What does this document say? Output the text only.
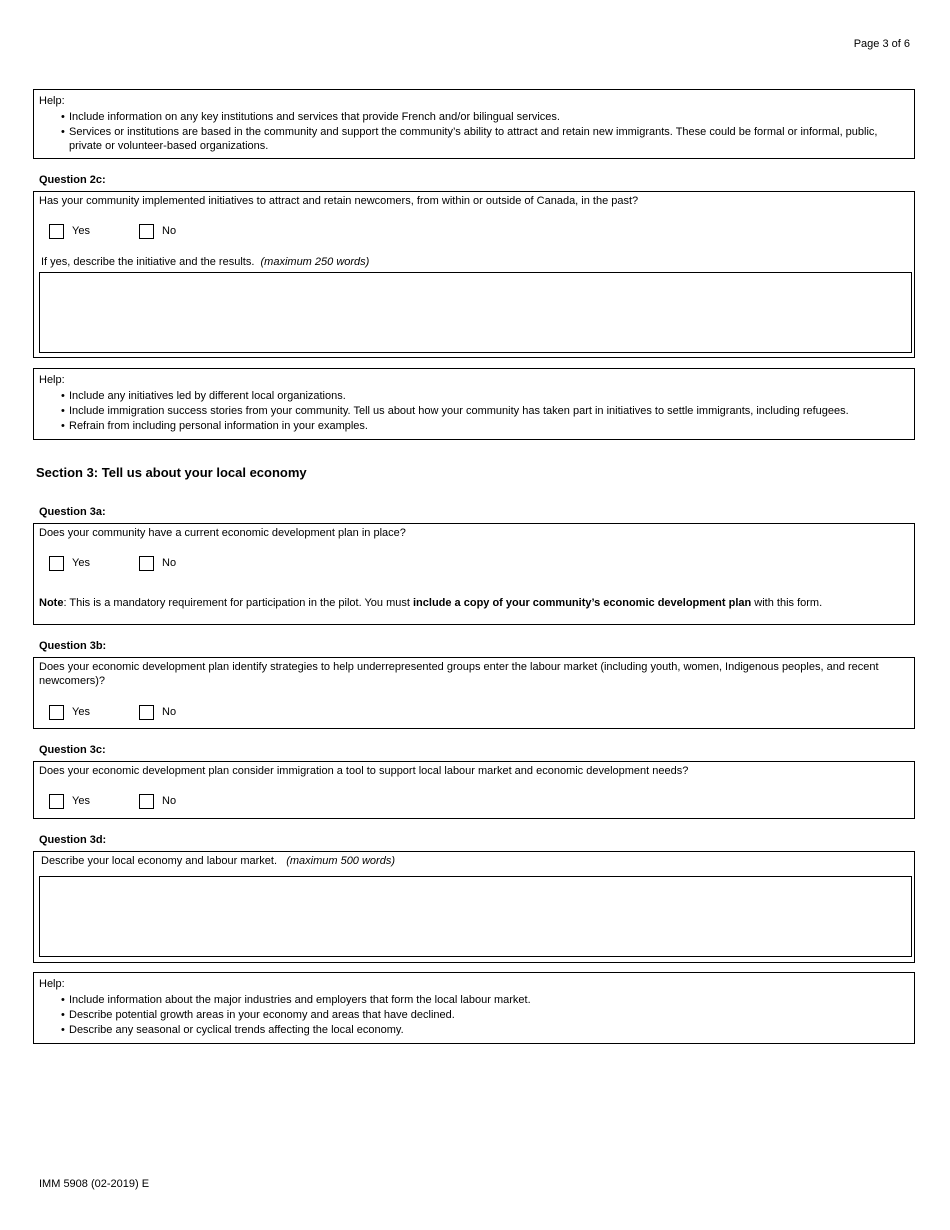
Page 3 of 6
Help:
• Include information on any key institutions and services that provide French and/or bilingual services.
• Services or institutions are based in the community and support the community’s ability to attract and retain new immigrants. These could be formal or informal, public, private or volunteer-based organizations.
Question 2c:
Has your community implemented initiatives to attract and retain newcomers, from within or outside of Canada, in the past?
Yes	No
If yes, describe the initiative and the results. (maximum 250 words)
Help:
• Include any initiatives led by different local organizations.
• Include immigration success stories from your community. Tell us about how your community has taken part in initiatives to settle immigrants, including refugees.
• Refrain from including personal information in your examples.
Section 3: Tell us about your local economy
Question 3a:
Does your community have a current economic development plan in place?
Yes	No
Note: This is a mandatory requirement for participation in the pilot. You must include a copy of your community’s economic development plan with this form.
Question 3b:
Does your economic development plan identify strategies to help underrepresented groups enter the labour market (including youth, women, Indigenous peoples, and recent newcomers)?
Yes	No
Question 3c:
Does your economic development plan consider immigration a tool to support local labour market and economic development needs?
Yes	No
Question 3d:
Describe your local economy and labour market. (maximum 500 words)
Help:
• Include information about the major industries and employers that form the local labour market.
• Describe potential growth areas in your economy and areas that have declined.
• Describe any seasonal or cyclical trends affecting the local economy.
IMM 5908 (02-2019) E
